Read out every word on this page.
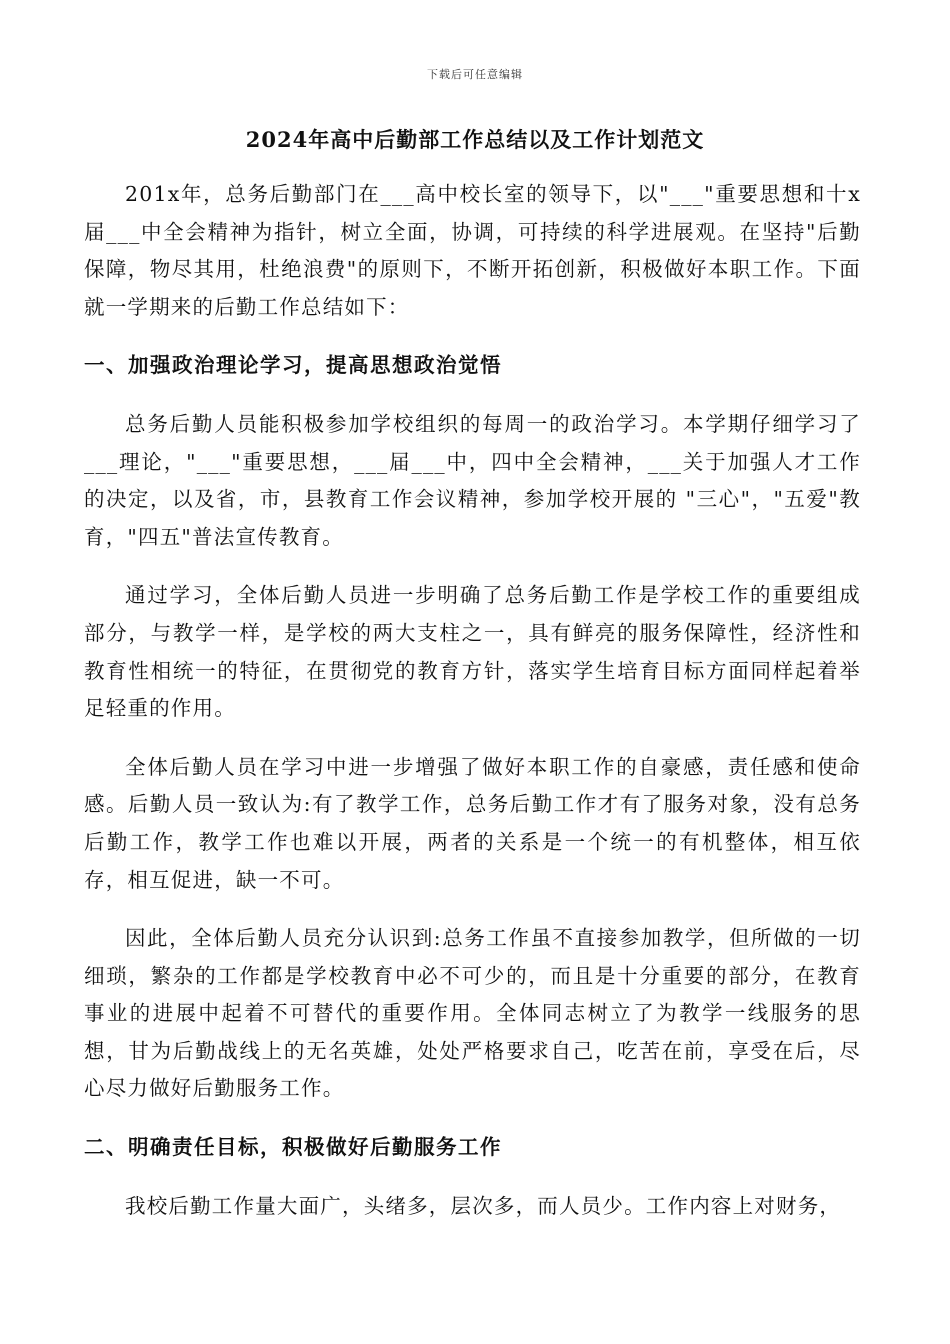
下载后可任意编辑
2024年高中后勤部工作总结以及工作计划范文

201x年，总务后勤部门在___高中校长室的领导下，以"___"重要思想和十x届___中全会精神为指针，树立全面，协调，可持续的科学进展观。在坚持"后勤保障，物尽其用，杜绝浪费"的原则下，不断开拓创新，积极做好本职工作。下面就一学期来的后勤工作总结如下：

一、加强政治理论学习，提高思想政治觉悟

总务后勤人员能积极参加学校组织的每周一的政治学习。本学期仔细学习了___理论，"___"重要思想，___届___中，四中全会精神，___关于加强人才工作的决定，以及省，市，县教育工作会议精神，参加学校开展的 "三心"，"五爱"教育，"四五"普法宣传教育。

通过学习，全体后勤人员进一步明确了总务后勤工作是学校工作的重要组成部分，与教学一样，是学校的两大支柱之一，具有鲜亮的服务保障性，经济性和教育性相统一的特征，在贯彻党的教育方针，落实学生培育目标方面同样起着举足轻重的作用。

全体后勤人员在学习中进一步增强了做好本职工作的自豪感，责任感和使命感。后勤人员一致认为:有了教学工作，总务后勤工作才有了服务对象，没有总务后勤工作，教学工作也难以开展，两者的关系是一个统一的有机整体，相互依存，相互促进，缺一不可。

因此，全体后勤人员充分认识到:总务工作虽不直接参加教学，但所做的一切细琐，繁杂的工作都是学校教育中必不可少的，而且是十分重要的部分，在教育事业的进展中起着不可替代的重要作用。全体同志树立了为教学一线服务的思想，甘为后勤战线上的无名英雄，处处严格要求自己，吃苦在前，享受在后，尽心尽力做好后勤服务工作。

二、明确责任目标，积极做好后勤服务工作

我校后勤工作量大面广，头绪多，层次多，而人员少。工作内容上对财务，
